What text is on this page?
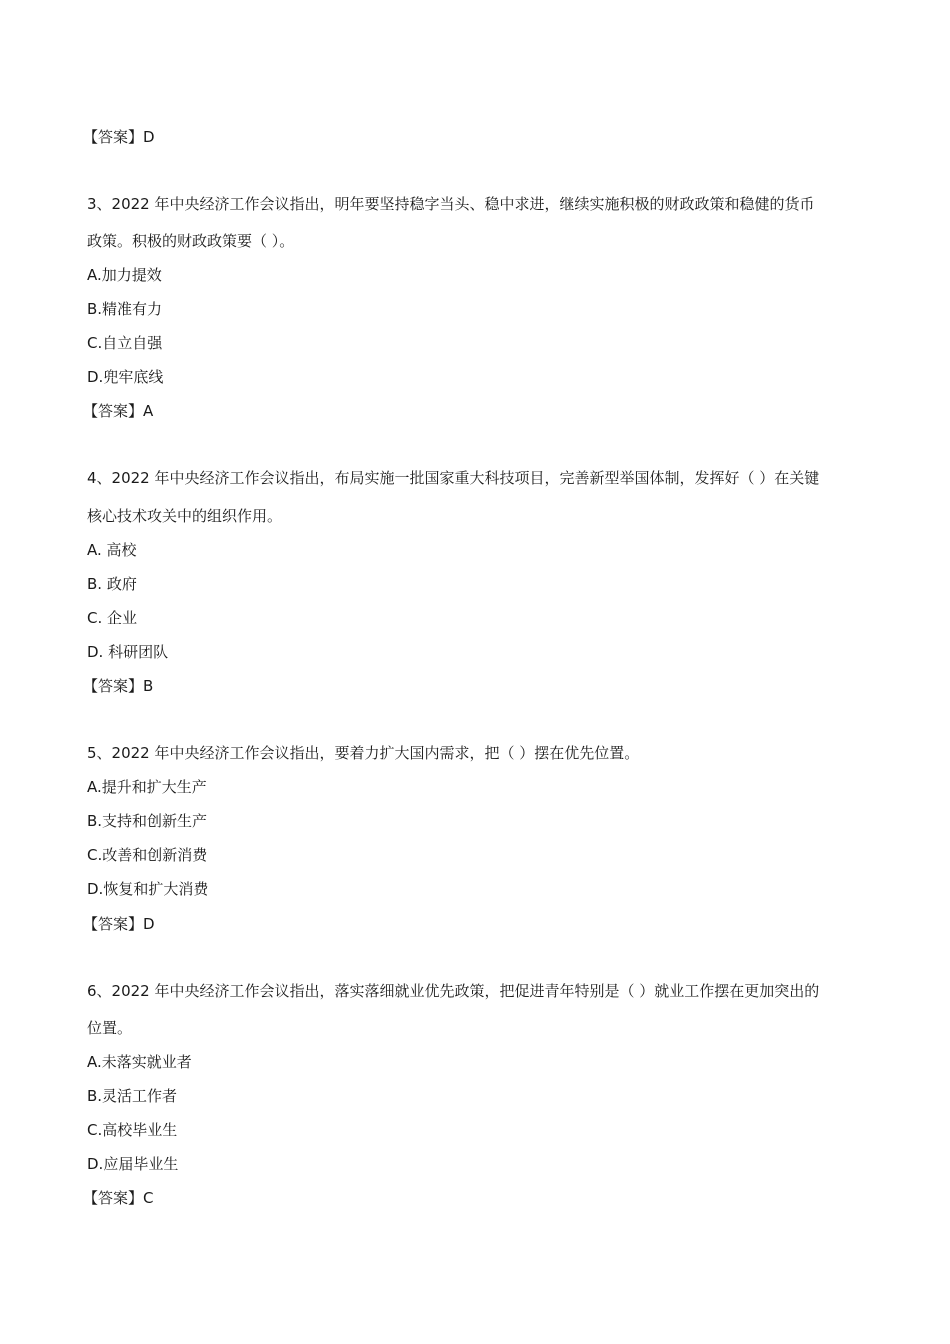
【答案】D
3、2022 年中央经济工作会议指出，明年要坚持稳字当头、稳中求进，继续实施积极的财政政策和稳健的货币
政策。积极的财政政策要（ ）。
A.加力提效
B.精准有力
C.自立自强
D.兜牢底线
【答案】A
4、2022 年中央经济工作会议指出，布局实施一批国家重大科技项目，完善新型举国体制，发挥好（ ）在关键
核心技术攻关中的组织作用。
A. 高校
B. 政府
C. 企业
D. 科研团队
【答案】B
5、2022 年中央经济工作会议指出，要着力扩大国内需求，把（ ）摆在优先位置。
A.提升和扩大生产
B.支持和创新生产
C.改善和创新消费
D.恢复和扩大消费
【答案】D
6、2022 年中央经济工作会议指出，落实落细就业优先政策，把促进青年特别是（ ）就业工作摆在更加突出的
位置。
A.未落实就业者
B.灵活工作者
C.高校毕业生
D.应届毕业生
【答案】C
